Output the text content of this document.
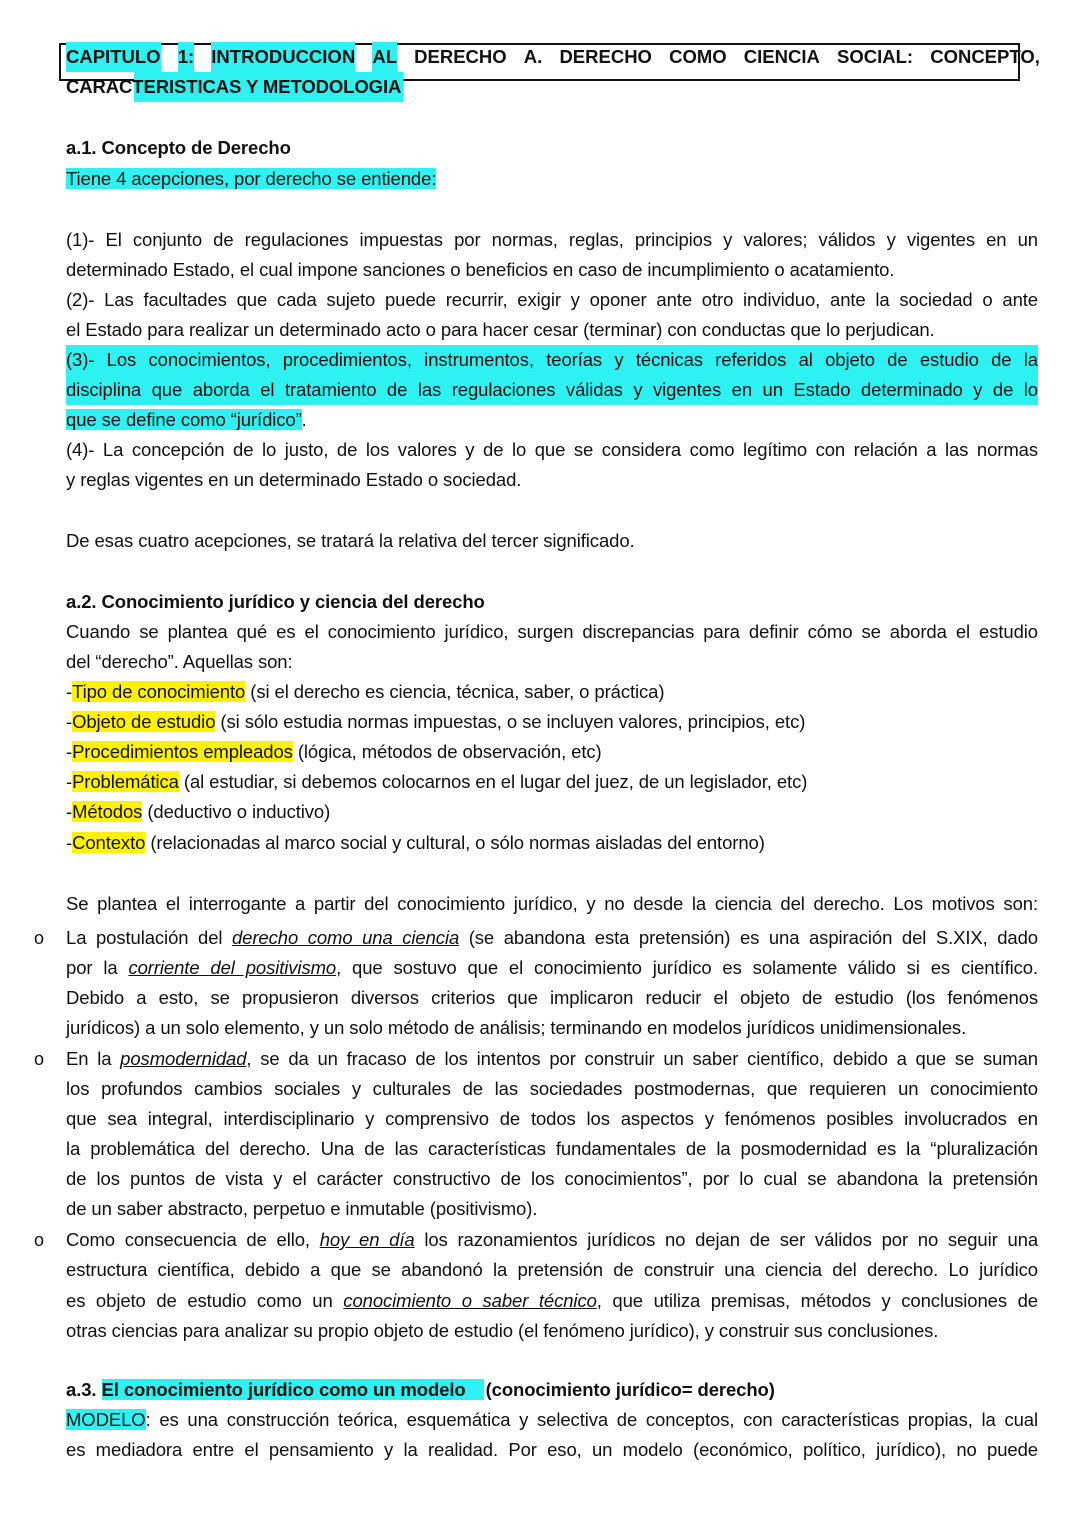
CAPITULO 1: INTRODUCCION AL DERECHO A. DERECHO COMO CIENCIA SOCIAL: CONCEPTO,
CARACTERISTICAS Y METODOLOGIA
a.1. Concepto de Derecho
Tiene 4 acepciones, por derecho se entiende:
(1)- El conjunto de regulaciones impuestas por normas, reglas, principios y valores; válidos y vigentes en un
determinado Estado, el cual impone sanciones o beneficios en caso de incumplimiento o acatamiento.
(2)- Las facultades que cada sujeto puede recurrir, exigir y oponer ante otro individuo, ante la sociedad o ante
el Estado para realizar un determinado acto o para hacer cesar (terminar) con conductas que lo perjudican.
(3)- Los conocimientos, procedimientos, instrumentos, teorías y técnicas referidos al objeto de estudio de la
disciplina que aborda el tratamiento de las regulaciones válidas y vigentes en un Estado determinado y de lo
que se define como “jurídico”.
(4)- La concepción de lo justo, de los valores y de lo que se considera como legítimo con relación a las normas
y reglas vigentes en un determinado Estado o sociedad.
De esas cuatro acepciones, se tratará la relativa del tercer significado.
a.2. Conocimiento jurídico y ciencia del derecho
Cuando se plantea qué es el conocimiento jurídico, surgen discrepancias para definir cómo se aborda el estudio
del “derecho”. Aquellas son:
-Tipo de conocimiento (si el derecho es ciencia, técnica, saber, o práctica)
-Objeto de estudio (si sólo estudia normas impuestas, o se incluyen valores, principios, etc)
-Procedimientos empleados (lógica, métodos de observación, etc)
-Problemática (al estudiar, si debemos colocarnos en el lugar del juez, de un legislador, etc)
-Métodos (deductivo o inductivo)
-Contexto (relacionadas al marco social y cultural, o sólo normas aisladas del entorno)
Se plantea el interrogante a partir del conocimiento jurídico, y no desde la ciencia del derecho. Los motivos son:
o La postulación del derecho como una ciencia (se abandona esta pretensión) es una aspiración del S.XIX, dado
por la corriente del positivismo, que sostuvo que el conocimiento jurídico es solamente válido si es científico.
Debido a esto, se propusieron diversos criterios que implicaron reducir el objeto de estudio (los fenómenos
jurídicos) a un solo elemento, y un solo método de análisis; terminando en modelos jurídicos unidimensionales.
o En la posmodernidad, se da un fracaso de los intentos por construir un saber científico, debido a que se suman
los profundos cambios sociales y culturales de las sociedades postmodernas, que requieren un conocimiento
que sea integral, interdisciplinario y comprensivo de todos los aspectos y fenómenos posibles involucrados en
la problemática del derecho. Una de las características fundamentales de la posmodernidad es la “pluralización
de los puntos de vista y el carácter constructivo de los conocimientos”, por lo cual se abandona la pretensión
de un saber abstracto, perpetuo e inmutable (positivismo).
o Como consecuencia de ello, hoy en día los razonamientos jurídicos no dejan de ser válidos por no seguir una
estructura científica, debido a que se abandonó la pretensión de construir una ciencia del derecho. Lo jurídico
es objeto de estudio como un conocimiento o saber técnico, que utiliza premisas, métodos y conclusiones de
otras ciencias para analizar su propio objeto de estudio (el fenómeno jurídico), y construir sus conclusiones.
a.3. El conocimiento jurídico como un modelo (conocimiento jurídico= derecho)
MODELO: es una construcción teórica, esquemática y selectiva de conceptos, con características propias, la cual
es mediadora entre el pensamiento y la realidad. Por eso, un modelo (económico, político, jurídico), no puede
